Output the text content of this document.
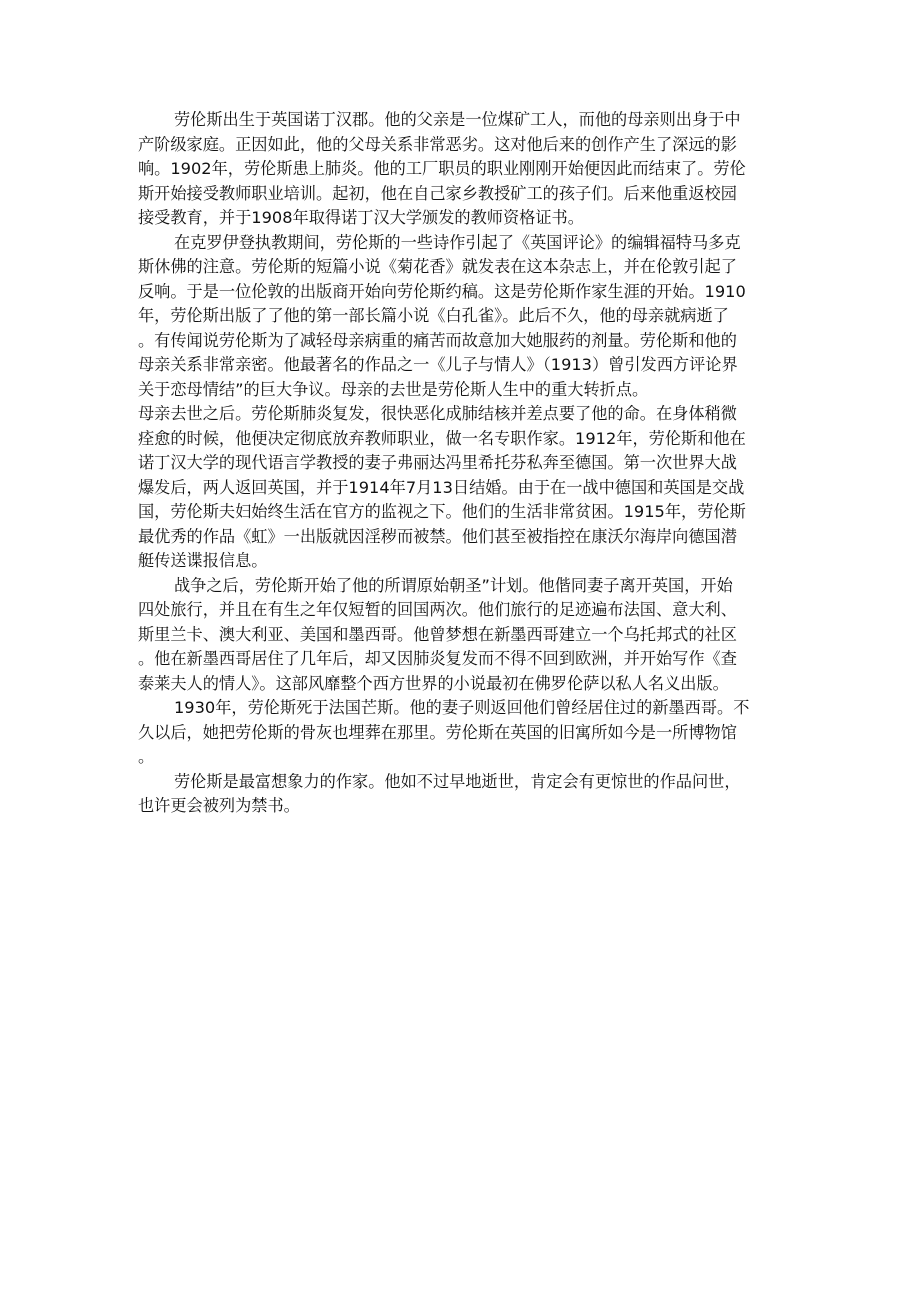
劳伦斯出生于英国诺丁汉郡。他的父亲是一位煤矿工人，而他的母亲则出身于中
产阶级家庭。正因如此，他的父母关系非常恶劣。这对他后来的创作产生了深远的影
响。1902年，劳伦斯患上肺炎。他的工厂职员的职业刚刚开始便因此而结束了。劳伦
斯开始接受教师职业培训。起初，他在自己家乡教授矿工的孩子们。后来他重返校园
接受教育，并于1908年取得诺丁汉大学颁发的教师资格证书。
在克罗伊登执教期间，劳伦斯的一些诗作引起了《英国评论》的编辑福特马多克
斯休佛的注意。劳伦斯的短篇小说《菊花香》就发表在这本杂志上，并在伦敦引起了
反响。于是一位伦敦的出版商开始向劳伦斯约稿。这是劳伦斯作家生涯的开始。1910
年，劳伦斯出版了了他的第一部长篇小说《白孔雀》。此后不久，他的母亲就病逝了
。有传闻说劳伦斯为了减轻母亲病重的痛苦而故意加大她服药的剂量。劳伦斯和他的
母亲关系非常亲密。他最著名的作品之一《儿子与情人》（1913）曾引发西方评论界
关于恋母情结”的巨大争议。母亲的去世是劳伦斯人生中的重大转折点。
母亲去世之后。劳伦斯肺炎复发，很快恶化成肺结核并差点要了他的命。在身体稍微
痊愈的时候，他便决定彻底放弃教师职业，做一名专职作家。1912年，劳伦斯和他在
诺丁汉大学的现代语言学教授的妻子弗丽达冯里希托芬私奔至德国。第一次世界大战
爆发后，两人返回英国，并于1914年7月13日结婚。由于在一战中德国和英国是交战
国，劳伦斯夫妇始终生活在官方的监视之下。他们的生活非常贫困。1915年，劳伦斯
最优秀的作品《虹》一出版就因淫秽而被禁。他们甚至被指控在康沃尔海岸向德国潜
艇传送谍报信息。
战争之后，劳伦斯开始了他的所谓原始朝圣”计划。他偕同妻子离开英国，开始
四处旅行，并且在有生之年仅短暂的回国两次。他们旅行的足迹遍布法国、意大利、
斯里兰卡、澳大利亚、美国和墨西哥。他曾梦想在新墨西哥建立一个乌托邦式的社区
。他在新墨西哥居住了几年后，却又因肺炎复发而不得不回到欧洲，并开始写作《查
泰莱夫人的情人》。这部风靡整个西方世界的小说最初在佛罗伦萨以私人名义出版。
1930年，劳伦斯死于法国芒斯。他的妻子则返回他们曾经居住过的新墨西哥。不
久以后，她把劳伦斯的骨灰也埋葬在那里。劳伦斯在英国的旧寓所如今是一所博物馆
。
劳伦斯是最富想象力的作家。他如不过早地逝世，肯定会有更惊世的作品问世，
也许更会被列为禁书。
